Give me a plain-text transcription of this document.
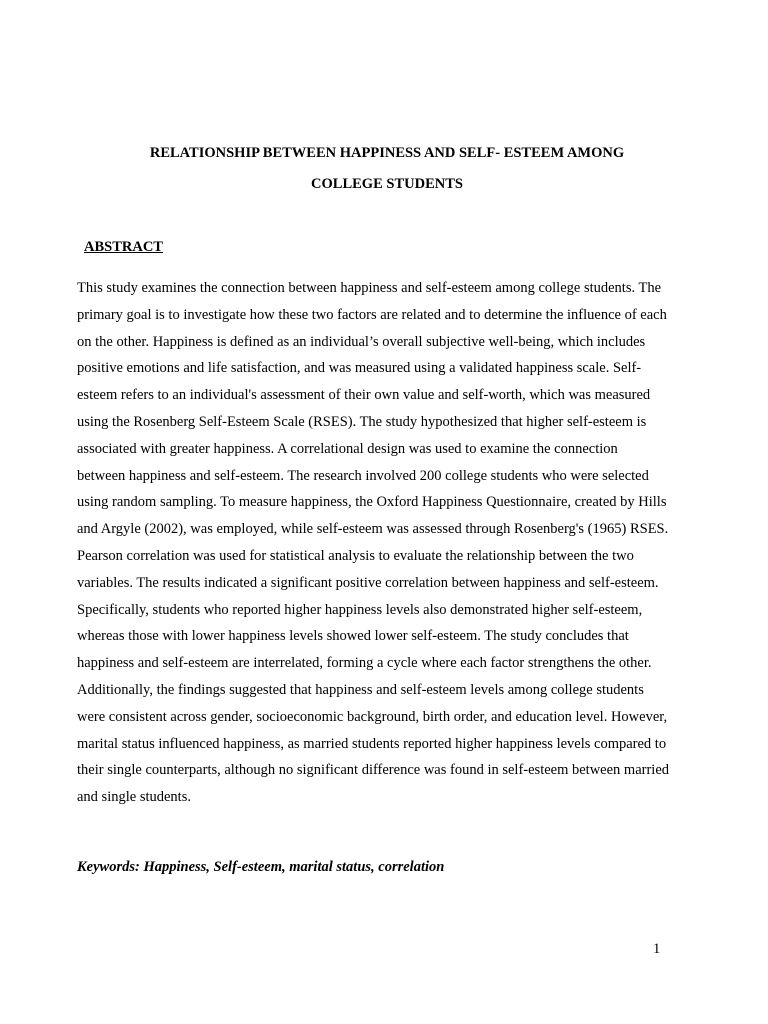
RELATIONSHIP BETWEEN HAPPINESS AND SELF- ESTEEM AMONG

COLLEGE STUDENTS

ABSTRACT

This study examines the connection between happiness and self-esteem among college students. The
primary goal is to investigate how these two factors are related and to determine the influence of each
on the other. Happiness is defined as an individual’s overall subjective well-being, which includes
positive emotions and life satisfaction, and was measured using a validated happiness scale. Self-
esteem refers to an individual's assessment of their own value and self-worth, which was measured
using the Rosenberg Self-Esteem Scale (RSES). The study hypothesized that higher self-esteem is
associated with greater happiness. A correlational design was used to examine the connection
between happiness and self-esteem. The research involved 200 college students who were selected
using random sampling. To measure happiness, the Oxford Happiness Questionnaire, created by Hills
and Argyle (2002), was employed, while self-esteem was assessed through Rosenberg's (1965) RSES.
Pearson correlation was used for statistical analysis to evaluate the relationship between the two
variables. The results indicated a significant positive correlation between happiness and self-esteem.
Specifically, students who reported higher happiness levels also demonstrated higher self-esteem,
whereas those with lower happiness levels showed lower self-esteem. The study concludes that
happiness and self-esteem are interrelated, forming a cycle where each factor strengthens the other.
Additionally, the findings suggested that happiness and self-esteem levels among college students
were consistent across gender, socioeconomic background, birth order, and education level. However,
marital status influenced happiness, as married students reported higher happiness levels compared to
their single counterparts, although no significant difference was found in self-esteem between married
and single students.

Keywords: Happiness, Self-esteem, marital status, correlation

1
